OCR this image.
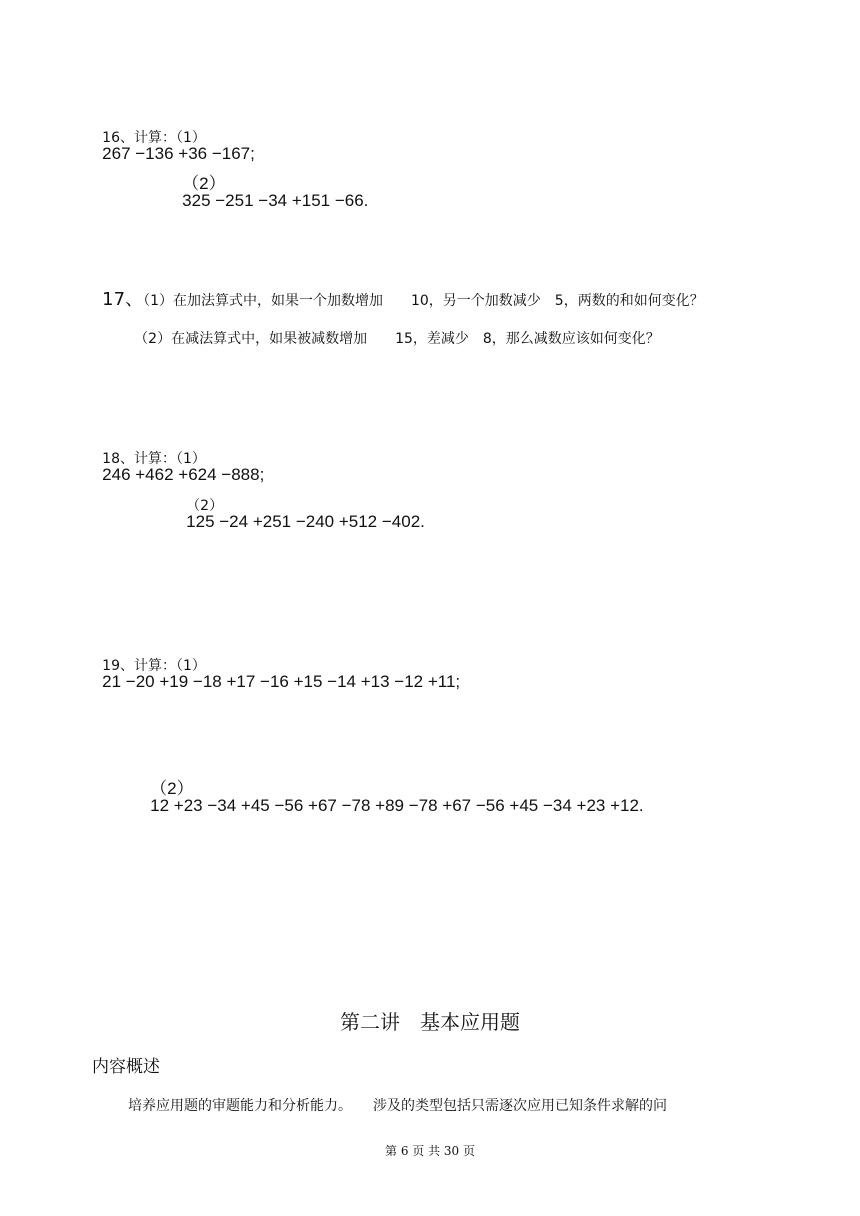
16、计算：（1）
267 −136 +36 −167;

（2）
325 −251 −34 +151 −66.

17、（1）在加法算式中，如果一个加数增加　　10，另一个加数减少　5，两数的和如何变化？

（2）在减法算式中，如果被减数增加　　15，差减少　8，那么减数应该如何变化？

18、计算：（1）
246 +462 +624 −888;

（2）
125 −24 +251 −240 +512 −402.

19、计算：（1）
21 −20 +19 −18 +17 −16 +15 −14 +13 −12 +11;

（2）
12 +23 −34 +45 −56 +67 −78 +89 −78 +67 −56 +45 −34 +23 +12.

第二讲　基本应用题
内容概述
培养应用题的审题能力和分析能力。　　涉及的类型包括只需逐次应用已知条件求解的问
第 6 页 共 30 页
